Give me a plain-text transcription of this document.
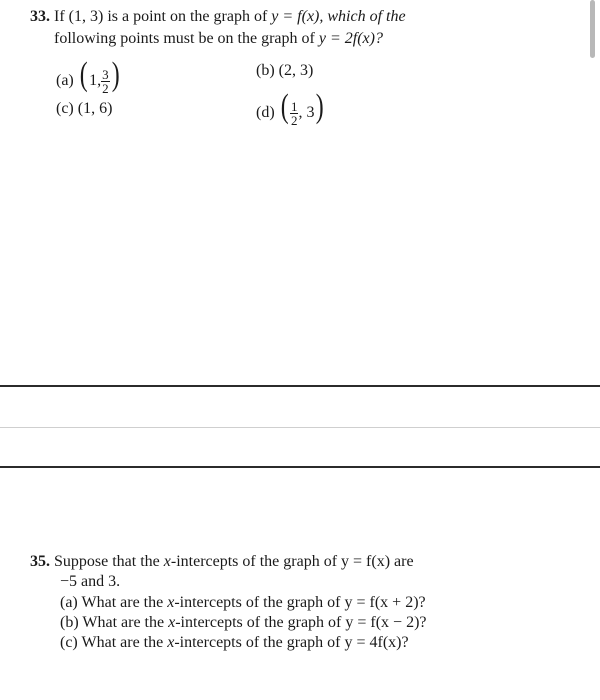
33. If (1, 3) is a point on the graph of y = f(x), which of the
following points must be on the graph of y = 2f(x)?
(a) ( 1, $\frac{3}{2}$ )	(b) (2, 3)
(c) (1, 6)	(d) ( $\frac{1}{2}$ , 3)
35. Suppose that the x-intercepts of the graph of y = f(x) are
−5 and 3.
(a) What are the x-intercepts of the graph of y = f(x + 2)?
(b) What are the x-intercepts of the graph of y = f(x − 2)?
(c) What are the x-intercepts of the graph of y = 4f(x)?
